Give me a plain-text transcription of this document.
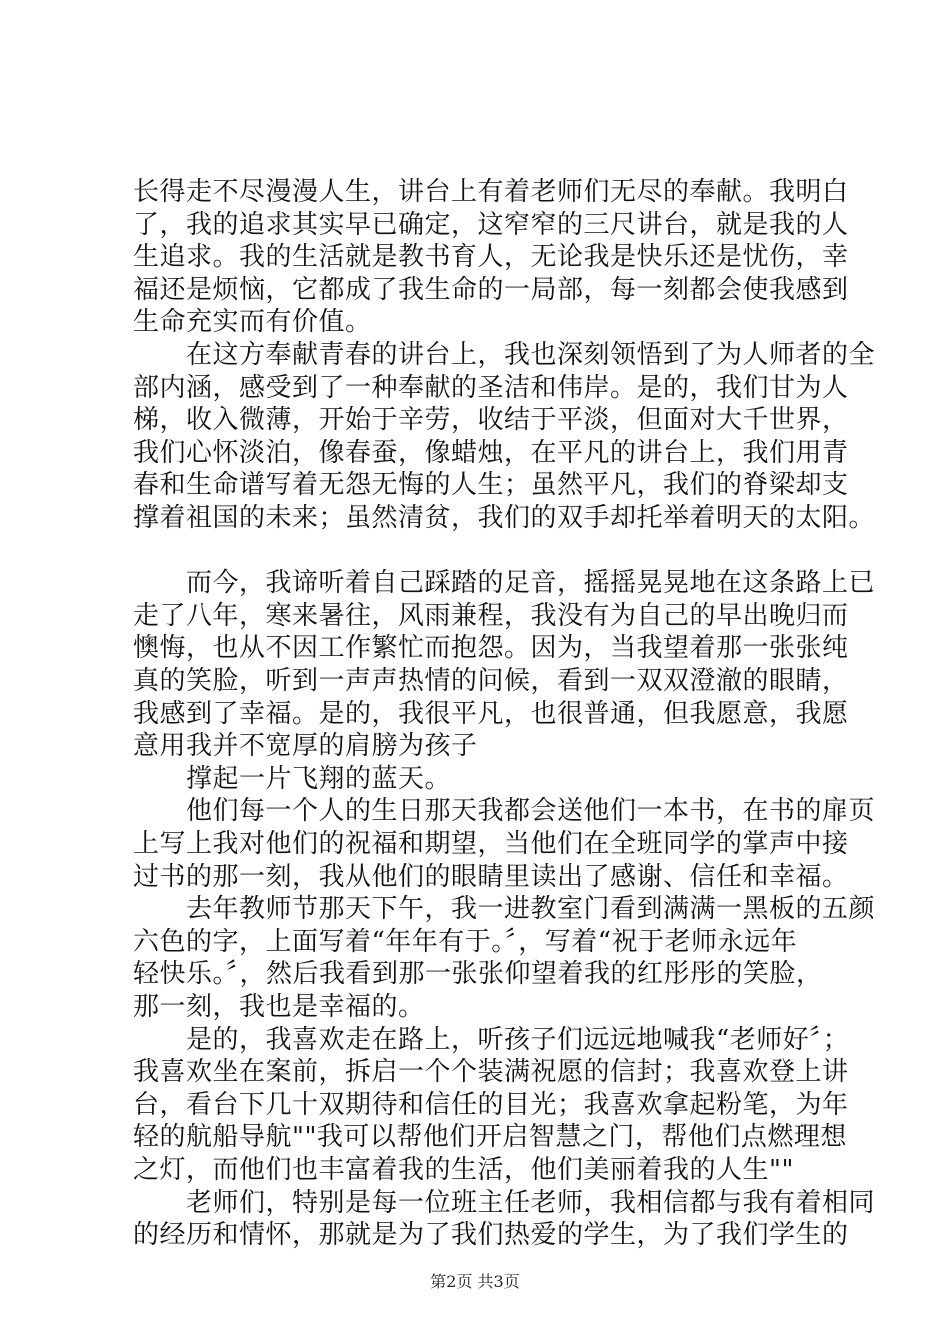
长得走不尽漫漫人生，讲台上有着老师们无尽的奉献。我明白
了，我的追求其实早已确定，这窄窄的三尺讲台，就是我的人
生追求。我的生活就是教书育人，无论我是快乐还是忧伤，幸
福还是烦恼，它都成了我生命的一局部，每一刻都会使我感到
生命充实而有价值。
　　在这方奉献青春的讲台上，我也深刻领悟到了为人师者的全
部内涵，感受到了一种奉献的圣洁和伟岸。是的，我们甘为人
梯，收入微薄，开始于辛劳，收结于平淡，但面对大千世界，
我们心怀淡泊，像春蚕，像蜡烛，在平凡的讲台上，我们用青
春和生命谱写着无怨无悔的人生；虽然平凡，我们的脊梁却支
撑着祖国的未来；虽然清贫，我们的双手却托举着明天的太阳。
　　而今，我谛听着自己踩踏的足音，摇摇晃晃地在这条路上已
走了八年，寒来暑往，风雨兼程，我没有为自己的早出晚归而
懊悔，也从不因工作繁忙而抱怨。因为，当我望着那一张张纯
真的笑脸，听到一声声热情的问候，看到一双双澄澈的眼睛，
我感到了幸福。是的，我很平凡，也很普通，但我愿意，我愿
意用我并不宽厚的肩膀为孩子
　　撑起一片飞翔的蓝天。
　　他们每一个人的生日那天我都会送他们一本书，在书的扉页
上写上我对他们的祝福和期望，当他们在全班同学的掌声中接
过书的那一刻，我从他们的眼睛里读出了感谢、信任和幸福。
　　去年教师节那天下午，我一进教室门看到满满一黑板的五颜
六色的字，上面写着“年年有于。〞，写着“祝于老师永远年
轻快乐。〞，然后我看到那一张张仰望着我的红彤彤的笑脸，
那一刻，我也是幸福的。
　　是的，我喜欢走在路上，听孩子们远远地喊我“老师好〞；
我喜欢坐在案前，拆启一个个装满祝愿的信封；我喜欢登上讲
台，看台下几十双期待和信任的目光；我喜欢拿起粉笔，为年
轻的航船导航""我可以帮他们开启智慧之门，帮他们点燃理想
之灯，而他们也丰富着我的生活，他们美丽着我的人生""
　　老师们，特别是每一位班主任老师，我相信都与我有着相同
第2页 共3页
的经历和情怀，那就是为了我们热爱的学生，为了我们学生的
